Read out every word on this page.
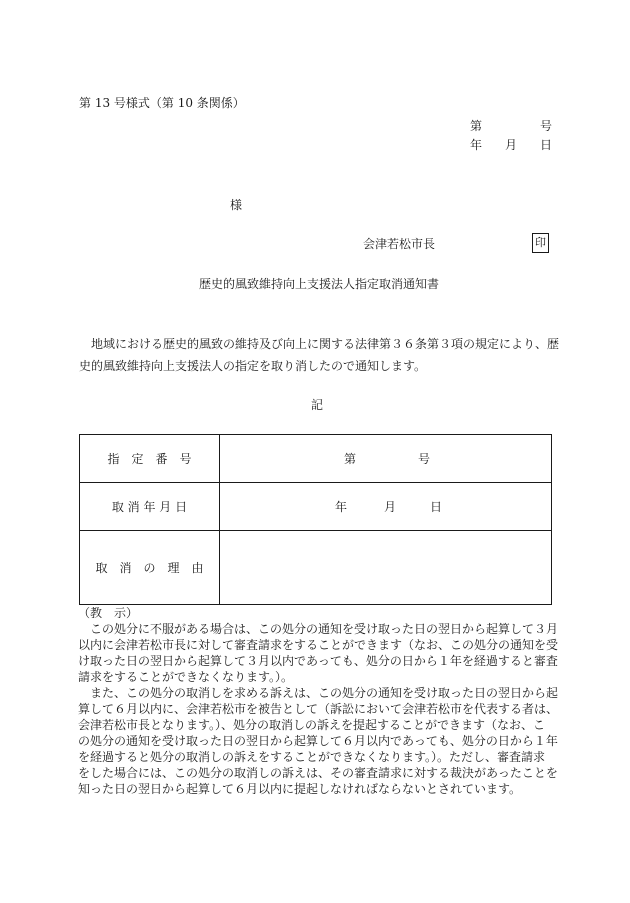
第 13 号様式（第 10 条関係）
第	号
年 月 日
様
会津若松市長	印
歴史的風致維持向上支援法人指定取消通知書
　地域における歴史的風致の維持及び向上に関する法律第３６条第３項の規定により、歴
史的風致維持向上支援法人の指定を取り消したので通知します。
記
指　定　番　号	第 号

取 消 年 月 日	年 月 日

取　消　の　理　由	
（教　示）
　この処分に不服がある場合は、この処分の通知を受け取った日の翌日から起算して３月
以内に会津若松市長に対して審査請求をすることができます（なお、この処分の通知を受
け取った日の翌日から起算して３月以内であっても、処分の日から１年を経過すると審査
請求をすることができなくなります。）。
　また、この処分の取消しを求める訴えは、この処分の通知を受け取った日の翌日から起
算して６月以内に、会津若松市を被告として（訴訟において会津若松市を代表する者は、
会津若松市長となります。）、処分の取消しの訴えを提起することができます（なお、こ
の処分の通知を受け取った日の翌日から起算して６月以内であっても、処分の日から１年
を経過すると処分の取消しの訴えをすることができなくなります。）。ただし、審査請求
をした場合には、この処分の取消しの訴えは、その審査請求に対する裁決があったことを
知った日の翌日から起算して６月以内に提起しなければならないとされています。
